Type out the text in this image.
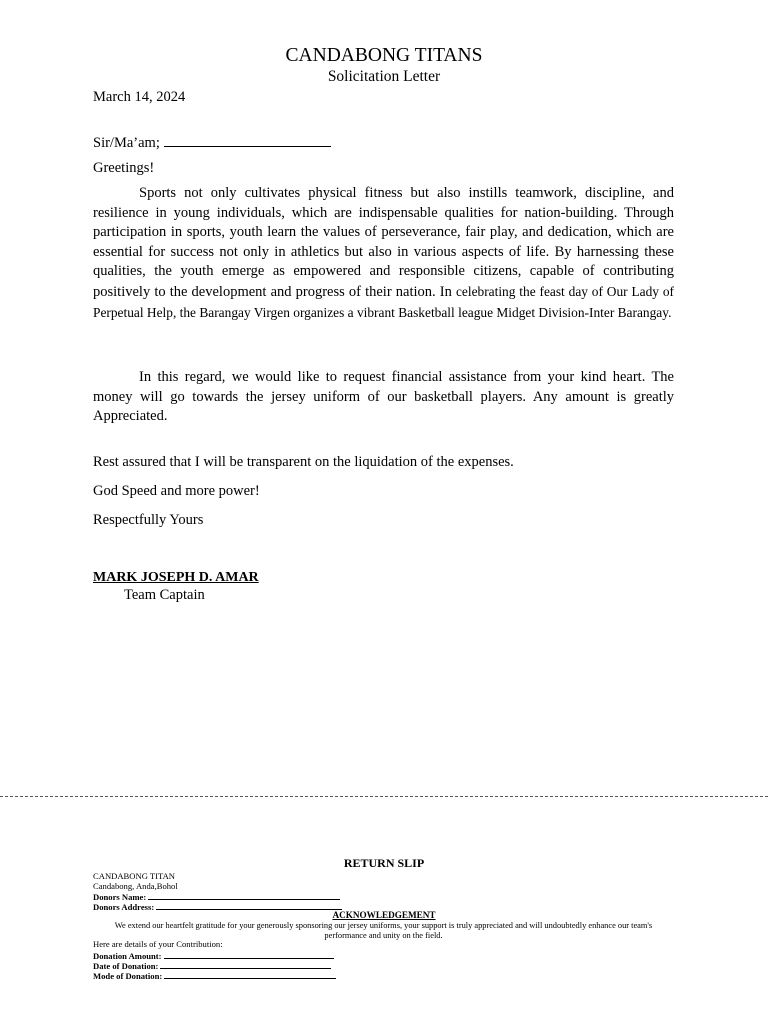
CANDABONG TITANS
Solicitation Letter
March 14, 2024
Sir/Ma’am;
Greetings!
Sports not only cultivates physical fitness but also instills teamwork, discipline, and resilience in young individuals, which are indispensable qualities for nation-building. Through participation in sports, youth learn the values of perseverance, fair play, and dedication, which are essential for success not only in athletics but also in various aspects of life. By harnessing these qualities, the youth emerge as empowered and responsible citizens, capable of contributing positively to the development and progress of their nation. In celebrating the feast day of Our Lady of Perpetual Help, the Barangay Virgen organizes a vibrant Basketball league Midget Division-Inter Barangay.
In this regard, we would like to request financial assistance from your kind heart. The money will go towards the jersey uniform of our basketball players. Any amount is greatly Appreciated.
Rest assured that I will be transparent on the liquidation of the expenses.
God Speed and more power!
Respectfully Yours
MARK JOSEPH D. AMAR
Team Captain
RETURN SLIP
CANDABONG TITAN
Candabong, Anda,Bohol
Donors Name:
Donors Address:
ACKNOWLEDGEMENT
We extend our heartfelt gratitude for your generously sponsoring our jersey uniforms, your support is truly appreciated and will undoubtedly enhance our team's performance and unity on the field.
Here are details of your Contribution:
Donation Amount:
Date of Donation:
Mode of Donation:
